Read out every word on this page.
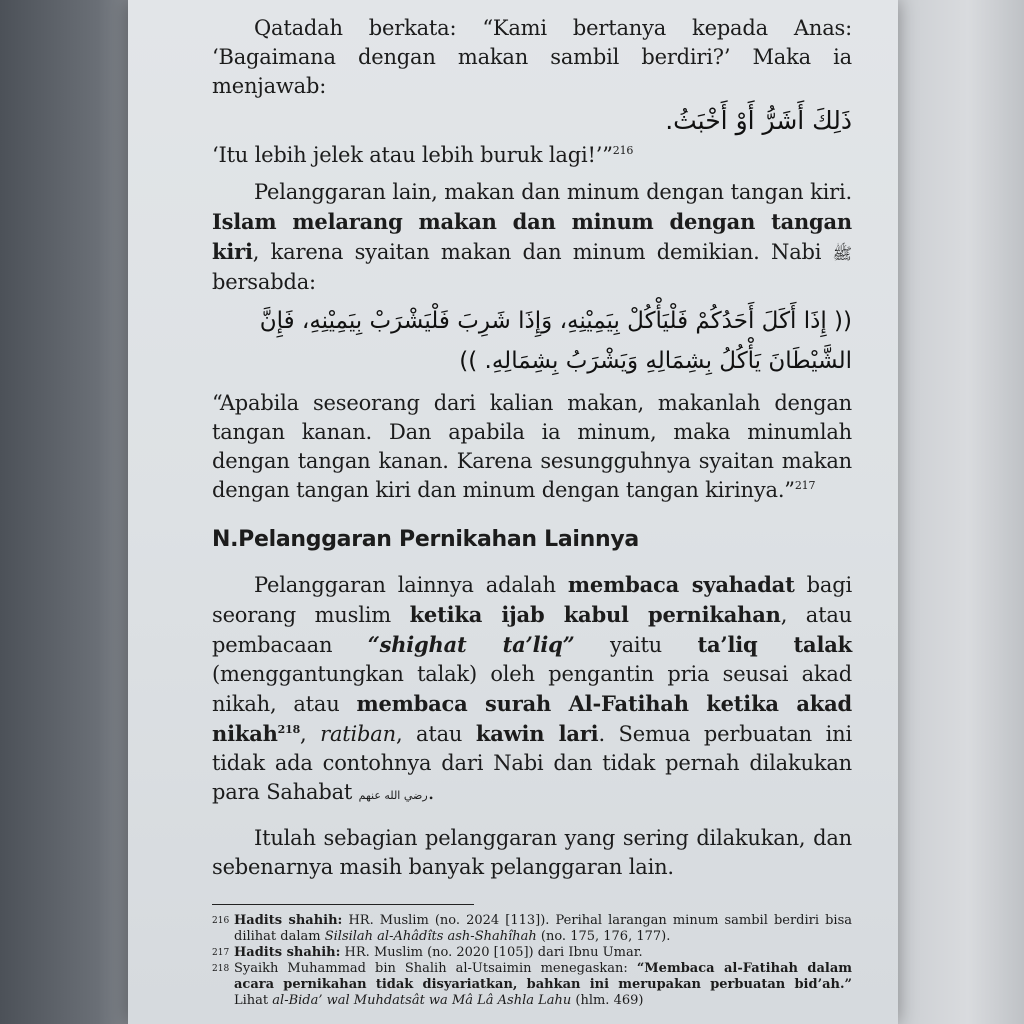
Qatadah berkata: “Kami bertanya kepada Anas: ‘Bagaimana dengan makan sambil berdiri?’ Maka ia menjawab:

ذَلِكَ أَشَرُّ أَوْ أَخْبَثُ.

‘Itu lebih jelek atau lebih buruk lagi!’”$^{216}$

Pelanggaran lain, makan dan minum dengan tangan kiri. Islam melarang makan dan minum dengan tangan kiri, karena syaitan makan dan minum demikian. Nabi ﷺ bersabda:

(( إِذَا أَكَلَ أَحَدُكُمْ فَلْيَأْكُلْ بِيَمِيْنِهِ، وَإِذَا شَرِبَ فَلْيَشْرَبْ بِيَمِيْنِهِ، فَإِنَّ

الشَّيْطَانَ يَأْكُلُ بِشِمَالِهِ وَيَشْرَبُ بِشِمَالِهِ. ))

“Apabila seseorang dari kalian makan, makanlah dengan tangan kanan. Dan apabila ia minum, maka minumlah dengan tangan kanan. Karena sesungguhnya syaitan makan dengan tangan kiri dan minum dengan tangan kirinya.”$^{217}$

N.Pelanggaran Pernikahan Lainnya

Pelanggaran lainnya adalah membaca syahadat bagi seorang muslim ketika ijab kabul pernikahan, atau pembacaan “shighat ta’liq” yaitu ta’liq talak (menggantungkan talak) oleh pengantin pria seusai akad nikah, atau membaca surah Al-Fatihah ketika akad nikah$^{218}$, ratiban, atau kawin lari. Semua perbuatan ini tidak ada contohnya dari Nabi dan tidak pernah dilakukan para Sahabat رضي الله عنهم.

Itulah sebagian pelanggaran yang sering dilakukan, dan sebenarnya masih banyak pelanggaran lain.

216 Hadits shahih: HR. Muslim (no. 2024 [113]). Perihal larangan minum sambil berdiri bisa dilihat dalam Silsilah al-Ahâdîts ash-Shahîhah (no. 175, 176, 177).

217 Hadits shahih: HR. Muslim (no. 2020 [105]) dari Ibnu Umar.

218 Syaikh Muhammad bin Shalih al-Utsaimin menegaskan: “Membaca al-Fatihah dalam acara pernikahan tidak disyariatkan, bahkan ini merupakan perbuatan bid’ah.” Lihat al-Bida’ wal Muhdatsât wa Mâ Lâ Ashla Lahu (hlm. 469)
